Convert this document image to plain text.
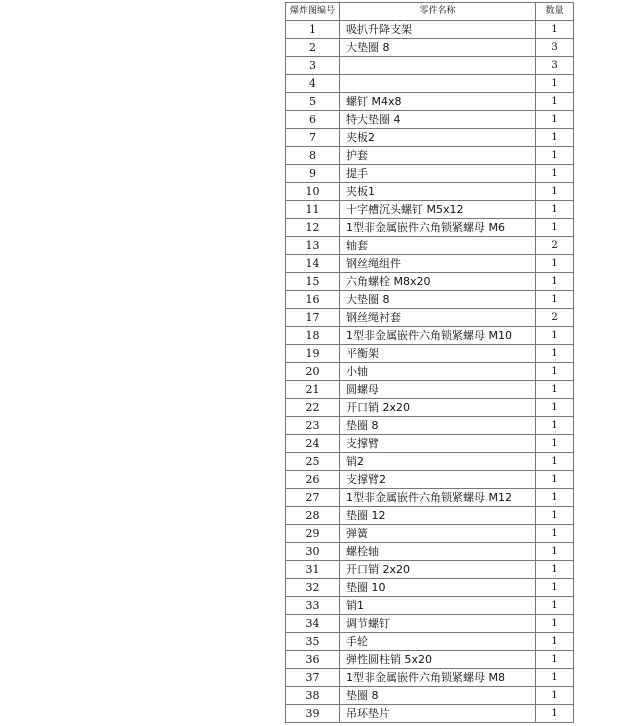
爆炸图编号	零件名称	数量
1	吸扒升降支架	1
2	大垫圈 8	3
3		3
4		1
5	螺钉 M4x8	1
6	特大垫圈 4	1
7	夹板2	1
8	护套	1
9	提手	1
10	夹板1	1
11	十字槽沉头螺钉 M5x12	1
12	1型非金属嵌件六角锁紧螺母 M6	1
13	轴套	2
14	钢丝绳组件	1
15	六角螺栓 M8x20	1
16	大垫圈 8	1
17	钢丝绳衬套	2
18	1型非金属嵌件六角锁紧螺母 M10	1
19	平衡架	1
20	小轴	1
21	圆螺母	1
22	开口销 2x20	1
23	垫圈 8	1
24	支撑臂	1
25	销2	1
26	支撑臂2	1
27	1型非金属嵌件六角锁紧螺母 M12	1
28	垫圈 12	1
29	弹簧	1
30	螺栓轴	1
31	开口销 2x20	1
32	垫圈 10	1
33	销1	1
34	调节螺钉	1
35	手轮	1
36	弹性圆柱销 5x20	1
37	1型非金属嵌件六角锁紧螺母 M8	1
38	垫圈 8	1
39	吊环垫片	1
